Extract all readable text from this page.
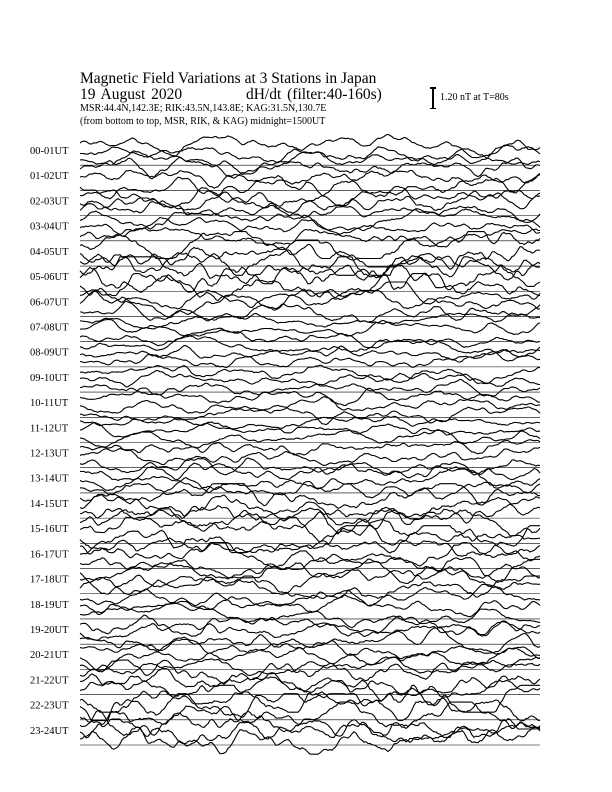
Magnetic Field Variations at 3 Stations in Japan
19 August 2020	dH/dt (filter:40-160s)
MSR:44.4N,142.3E; RIK:43.5N,143.8E; KAG:31.5N,130.7E
(from bottom to top, MSR, RIK, & KAG) midnight=1500UT
1.20 nT at T=80s
00-01UT
01-02UT
02-03UT
03-04UT
04-05UT
05-06UT
06-07UT
07-08UT
08-09UT
09-10UT
10-11UT
11-12UT
12-13UT
13-14UT
14-15UT
15-16UT
16-17UT
17-18UT
18-19UT
19-20UT
20-21UT
21-22UT
22-23UT
23-24UT
